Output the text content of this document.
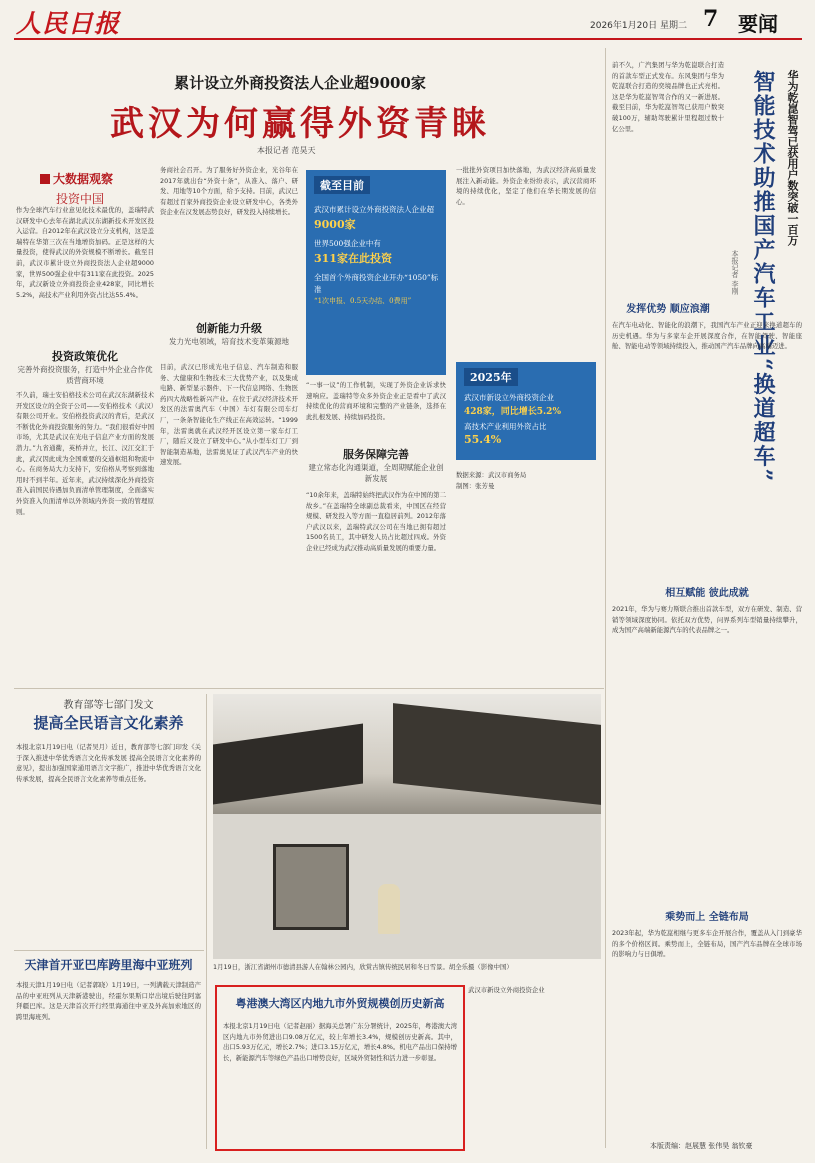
人民日报	2026年1月20日 星期二 7 要闻
累计设立外商投资法人企业超9000家
武汉为何赢得外资青睐
本报记者 范昊天
大数据观察
投资中国
作为全球汽车行业意见化技术最优的，盖瑞特武汉研发中心去年在湖北武汉东湖新技术开发区投入运营。自2012年在武汉设立分支机构，这是盖瑞特在华第三次在当地增资加码。正是这样的大量投资，使得武汉的外资规模不断增长。截至目前，武汉市累计设立外商投资法人企业超9000家，世界500强企业中有311家在此投资。2025年，武汉新设立外商投资企业428家，同比增长5.2%，高技术产业利用外资占比达55.4%。
投资政策优化
完善外商投资服务，打造中外企业合作优质营商环境
不久前，瑞士安伯格技术公司在武汉东湖新技术开发区设立的全资子公司——安伯格技术（武汉）有限公司开业。安伯格投资武汉的背后，是武汉不断优化外商投资服务的努力。“我们很看好中国市场，尤其是武汉在光电子信息产业方面的发展潜力。”九省通衢，英桥并立，长江、汉江交汇于此，武汉因此成为全国重要的交通枢纽和物流中心。在商务局大力支持下，安伯格从考察到落地用时不到半年。近年来，武汉持续深化外商投资准入前国民待遇加负面清单管理制度，全面落实外资准入负面清单以外领域内外资一致的管理原则。
务商社会召开。为了服务好外资企业，光谷年在2017年就出台“外资十条”，从准入、落户、研发、用地等10个方面，给予支持。目前，武汉已有超过百家外商投资企业设立研发中心，各类外资企业在汉发展态势良好，研发投入持续增长。
创新能力升级
发力光电领域，培育技术变革策源地
目前，武汉已形成光电子信息、汽车制造和服务、大健康和生物技术三大优势产业，以及集成电路、新型显示器件、下一代信息网络、生物医药四大战略性新兴产业。在位于武汉经济技术开发区的法雷奥汽车（中国）车灯有限公司车灯厂，一条条智能化生产线正在高效运转。“1999年，法雷奥就在武汉经开区设立第一家车灯工厂，随后又设立了研发中心。”从小型车灯工厂到智能制造基地，法雷奥见证了武汉汽车产业的快速发展。
截至目前
武汉市累计设立外商投资法人企业超
9000家
世界500强企业中有
311家在此投资
全国首个外商投资企业开办“1050”标准
“1次申报、0.5天办结、0费用”
“一事一议”的工作机制，实现了外资企业诉求快速响应。盖瑞特等众多外资企业正是看中了武汉持续优化的营商环境和完整的产业链条，选择在此扎根发展、持续加码投资。
服务保障完善
建立常态化沟通渠道，全周期赋能企业创新发展
“10余年来，盖瑞特始终把武汉作为在中国的第二故乡。”在盖瑞特全球副总裁看来，中国区在经营规模、研发投入等方面一直稳居前列。2012年落户武汉以来，盖瑞特武汉公司在当地已拥有超过1500名员工，其中研发人员占比超过四成。外资企业已经成为武汉推动高质量发展的重要力量。
一批批外资项目加快落地，为武汉经济高质量发展注入新动能。外资企业纷纷表示，武汉营商环境的持续优化，坚定了他们在华长期发展的信心。
2025年
武汉市新设立外商投资企业
428家，同比增长5.2%
高技术产业利用外资占比
55.4%
数据来源：武汉市商务局
制图：张芳曼
华为乾崑智驾已获用户数突破一百万
智能技术助推国产汽车工业“换道超车”
本报记者 李刚
前不久，广汽集团与华为乾崑联合打造的首款车型正式发布。东风集团与华为乾崑联合打造的奕境品牌也正式亮相。这是华为乾崑智驾合作的又一新进展。截至目前，华为乾崑智驾已获用户数突破100万，辅助驾驶累计里程超过数十亿公里。
发挥优势 顺应浪潮
在汽车电动化、智能化的浪潮下，我国汽车产业正迎来换道超车的历史机遇。华为与多家车企开展深度合作，在智能驾驶、智能座舱、智能电动等领域持续投入，推动国产汽车品牌向高端迈进。
相互赋能 彼此成就
2021年，华为与赛力斯联合推出首款车型，双方在研发、制造、营销等领域深度协同。依托双方优势，问界系列车型销量持续攀升，成为国产高端新能源汽车的代表品牌之一。
乘势而上 全链布局
2023年起，华为乾崑相继与更多车企开展合作，覆盖从入门到豪华的多个价格区间。乘势而上，全链布局，国产汽车品牌在全球市场的影响力与日俱增。
本版责编：赵展慧 张伟昊 翁钦豪
教育部等七部门发文
提高全民语言文化素养
本报北京1月19日电（记者吴月）近日，教育部等七部门印发《关于深入推进中华优秀语言文化传承发展 提高全民语言文化素养的意见》，提出加强国家通用语言文字推广，推进中华优秀语言文化传承发展，提高全民语言文化素养等重点任务。
天津首开亚巴库跨里海中亚班列
本报天津1月19日电（记者郭晓）1月19日，一列满载天津制造产品的中亚班列从天津新港驶出，经霍尔果斯口岸出境后驶往阿塞拜疆巴库。这是天津首次开行经里海通往中亚及外高加索地区的跨里海班列。
1月19日，浙江省湖州市德清县游人在翰林公园内，欣赏古镇传统民居和冬日雪景。胡全乐摄（影像中国）
粤港澳大湾区内地九市外贸规模创历史新高
本报北京1月19日电（记者赵丽）据海关总署广东分署统计，2025年，粤港澳大湾区内地九市外贸进出口9.08万亿元，较上年增长3.4%，规模创历史新高。其中，出口5.93万亿元，增长2.7%；进口3.15万亿元，增长4.8%。机电产品出口保持增长，新能源汽车等绿色产品出口增势良好，区域外贸韧性和活力进一步彰显。
武汉市新设立外商投资企业
